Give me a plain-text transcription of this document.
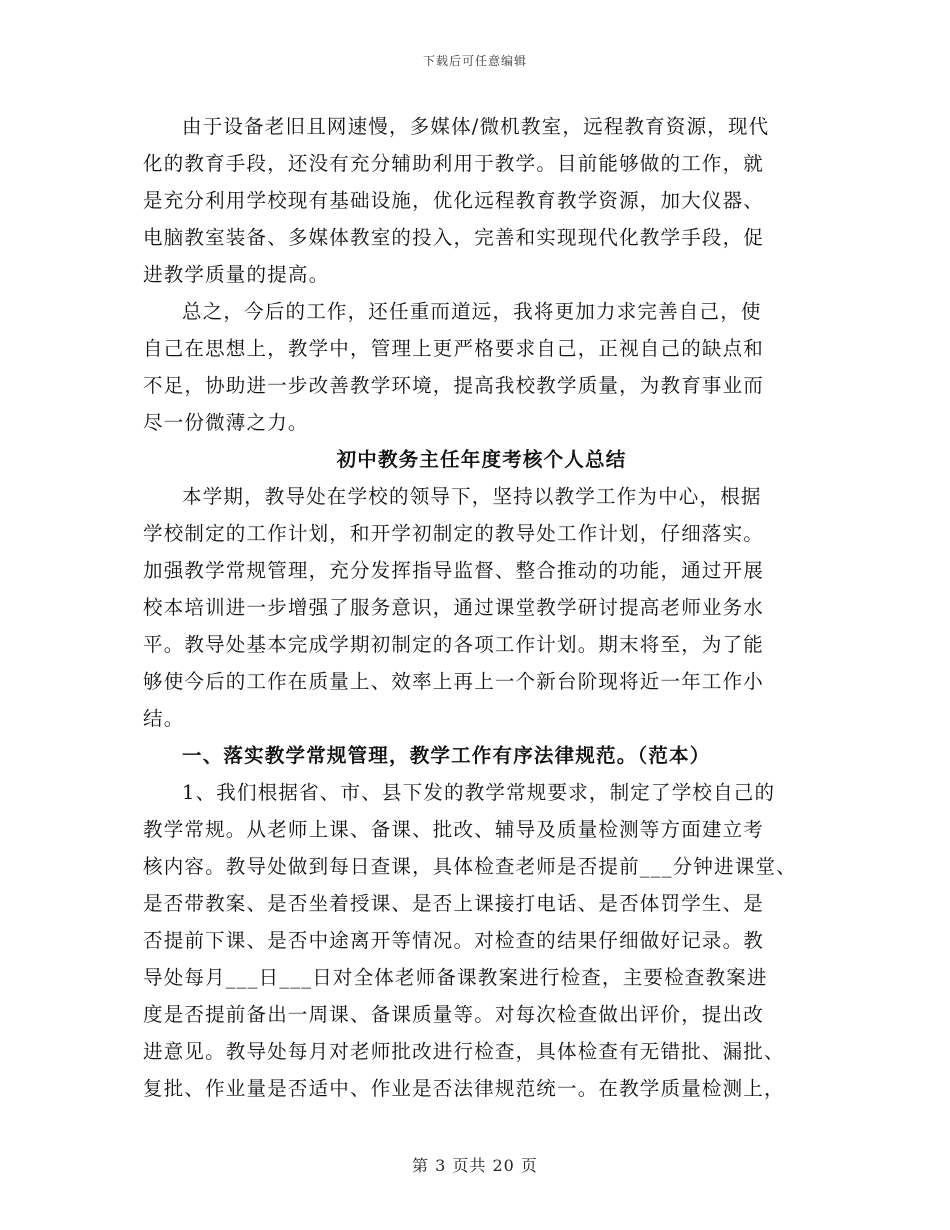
下载后可任意编辑
由于设备老旧且网速慢，多媒体/微机教室，远程教育资源，现代
化的教育手段，还没有充分辅助利用于教学。目前能够做的工作，就
是充分利用学校现有基础设施，优化远程教育教学资源，加大仪器、
电脑教室装备、多媒体教室的投入，完善和实现现代化教学手段，促
进教学质量的提高。
总之，今后的工作，还任重而道远，我将更加力求完善自己，使
自己在思想上，教学中，管理上更严格要求自己，正视自己的缺点和
不足，协助进一步改善教学环境，提高我校教学质量，为教育事业而
尽一份微薄之力。
初中教务主任年度考核个人总结
本学期，教导处在学校的领导下，坚持以教学工作为中心，根据
学校制定的工作计划，和开学初制定的教导处工作计划，仔细落实。
加强教学常规管理，充分发挥指导监督、整合推动的功能，通过开展
校本培训进一步增强了服务意识，通过课堂教学研讨提高老师业务水
平。教导处基本完成学期初制定的各项工作计划。期末将至，为了能
够使今后的工作在质量上、效率上再上一个新台阶现将近一年工作小
结。
一、落实教学常规管理，教学工作有序法律规范。（范本）
1、我们根据省、市、县下发的教学常规要求，制定了学校自己的
教学常规。从老师上课、备课、批改、辅导及质量检测等方面建立考
核内容。教导处做到每日查课，具体检查老师是否提前___分钟进课堂、
是否带教案、是否坐着授课、是否上课接打电话、是否体罚学生、是
否提前下课、是否中途离开等情况。对检查的结果仔细做好记录。教
导处每月___日___日对全体老师备课教案进行检查，主要检查教案进
度是否提前备出一周课、备课质量等。对每次检查做出评价，提出改
进意见。教导处每月对老师批改进行检查，具体检查有无错批、漏批、
复批、作业量是否适中、作业是否法律规范统一。在教学质量检测上，
第 3 页共 20 页
